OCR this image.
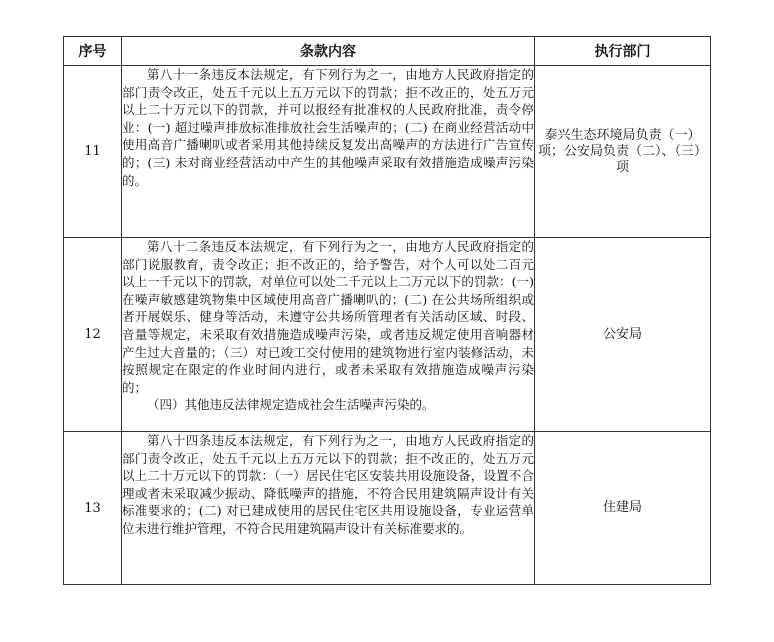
序号	条款内容	执行部门
11	第八十一条违反本法规定，有下列行为之一，由地方人民政府指定的部门责令改正，处五千元以上五万元以下的罚款；拒不改正的，处五万元以上二十万元以下的罚款，并可以报经有批准权的人民政府批准，责令停业：(一) 超过噪声排放标准排放社会生活噪声的；(二) 在商业经营活动中使用高音广播喇叭或者采用其他持续反复发出高噪声的方法进行广告宣传的；(三) 未对商业经营活动中产生的其他噪声采取有效措施造成噪声污染的。	泰兴生态环境局负责（一）项；公安局负责（二）、（三）项
12	第八十二条违反本法规定，有下列行为之一，由地方人民政府指定的部门说服教育，责令改正；拒不改正的，给予警告，对个人可以处二百元以上一千元以下的罚款，对单位可以处二千元以上二万元以下的罚款：(一) 在噪声敏感建筑物集中区域使用高音广播喇叭的；(二) 在公共场所组织或者开展娱乐、健身等活动，未遵守公共场所管理者有关活动区域、时段、音量等规定，未采取有效措施造成噪声污染，或者违反规定使用音响器材产生过大音量的；（三）对已竣工交付使用的建筑物进行室内装修活动，未按照规定在限定的作业时间内进行，或者未采取有效措施造成噪声污染的；

（四）其他违反法律规定造成社会生活噪声污染的。	公安局
13	第八十四条违反本法规定，有下列行为之一，由地方人民政府指定的部门责令改正，处五千元以上五万元以下的罚款；拒不改正的，处五万元以上二十万元以下的罚款：（一）居民住宅区安装共用设施设备，设置不合理或者未采取减少振动、降低噪声的措施，不符合民用建筑隔声设计有关标准要求的；(二) 对已建成使用的居民住宅区共用设施设备，专业运营单位未进行维护管理，不符合民用建筑隔声设计有关标准要求的。	住建局
